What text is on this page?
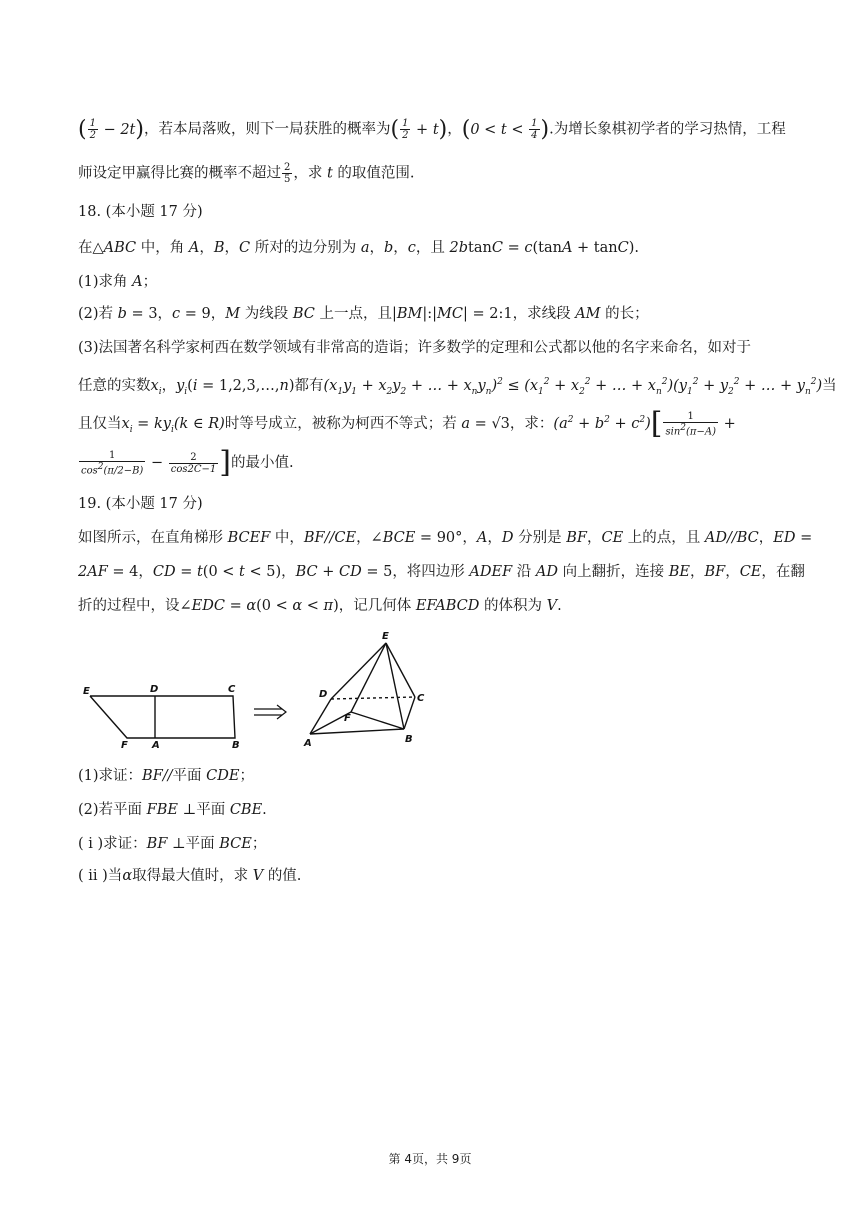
( $\frac{1}{2} - 2t$)，若本局落败，则下一局获胜的概率为( $\frac{1}{2} + t$)，($0 < t < \frac{1}{4}$ ).为增长象棋初学者的学习热情，工程
师设定甲赢得比赛的概率不超过 $\frac{2}{5}$ ，求 t 的取值范围.
18. (本小题 17 分)
在△ABC 中，角 A，B，C 所对的边分别为 a，b，c，且 2btanC = c(tanA + tanC).
(1)求角 A；
(2)若 b = 3，c = 9，M 为线段 BC 上一点，且|BM|:|MC| = 2:1，求线段 AM 的长；
(3)法国著名科学家柯西在数学领域有非常高的造诣；许多数学的定理和公式都以他的名字来命名，如对于
任意的实数$x_i$，$y_i(i$ = 1,2,3,…,n)都有($x_1y_1 + x_2y_2$ + … + $x_ny_n)^2 \le (x_1^2 + x_2^2$ + … + $x_n^2)(y_1^2 + y_2^2$ + … + $y_n^2$)当
且仅当$x_i = ky_i(k$ ∈ R)时等号成立，被称为柯西不等式；若 a = √3，求：$(a^2 + b^2 + c^2)[ \frac{1}{\sin^2(\pi-A)}$ +
$\frac{1}{\cos^2(\pi/2-B)} - \frac{2}{\cos 2C-1}$ ]的最小值.
19. (本小题 17 分)
如图所示，在直角梯形 BCEF 中，BF//CE，∠BCE = 90°，A，D 分别是 BF，CE 上的点，且 AD//BC，ED =
2AF = 4，CD = t(0 < t < 5)，BC + CD = 5，将四边形 ADEF 沿 AD 向上翻折，连接 BE，BF，CE，在翻
折的过程中，设∠EDC = α(0 < α < π)，记几何体 EFABCD 的体积为 V.
E	D	C
F A	B
E
D	C
F
A	B
(1)求证：BF//平面 CDE；
(2)若平面 FBE ⊥平面 CBE.
( ⅰ )求证：BF ⊥平面 BCE；
( ⅱ )当α取得最大值时，求 V 的值.
第 4页，共 9页
